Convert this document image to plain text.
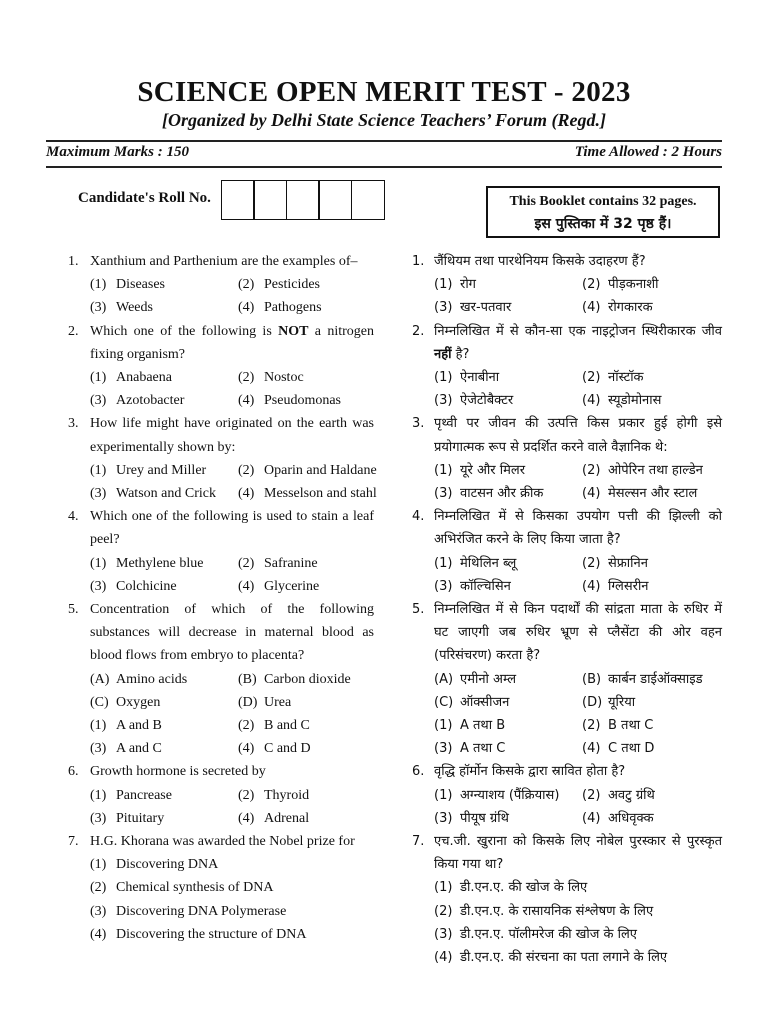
SCIENCE OPEN MERIT TEST - 2023
[Organized by Delhi State Science Teachers’ Forum (Regd.]
Maximum Marks : 150	Time Allowed : 2 Hours
Candidate's Roll No.	This Booklet contains 32 pages.
इस पुस्तिका में 32 पृष्ठ हैं।
1. Xanthium and Parthenium are the examples of–
(1) Diseases	(2) Pesticides
(3) Weeds	(4) Pathogens
2. Which one of the following is NOT a nitrogen fixing organism?
(1) Anabaena	(2) Nostoc
(3) Azotobacter	(4) Pseudomonas
3. How life might have originated on the earth was experimentally shown by:
(1) Urey and Miller	(2) Oparin and Haldane
(3) Watson and Crick	(4) Messelson and stahl
4. Which one of the following is used to stain a leaf peel?
(1) Methylene blue	(2) Safranine
(3) Colchicine	(4) Glycerine
5. Concentration of which of the following substances will decrease in maternal blood as blood flows from embryo to placenta?
(A) Amino acids	(B) Carbon dioxide
(C) Oxygen	(D) Urea
(1) A and B	(2) B and C
(3) A and C	(4) C and D
6. Growth hormone is secreted by
(1) Pancrease	(2) Thyroid
(3) Pituitary	(4) Adrenal
7. H.G. Khorana was awarded the Nobel prize for
(1) Discovering DNA
(2) Chemical synthesis of DNA
(3) Discovering DNA Polymerase
(4) Discovering the structure of DNA
1. जैंथियम तथा पारथेनियम किसके उदाहरण हैं?
(1) रोग	(2) पीड़कनाशी
(3) खर-पतवार	(4) रोगकारक
2. निम्नलिखित में से कौन-सा एक नाइट्रोजन स्थिरीकारक जीव नहीं है?
(1) ऐनाबीना	(2) नॉस्टॉक
(3) ऐजेटोबैक्टर	(4) स्यूडोमोनास
3. पृथ्वी पर जीवन की उत्पत्ति किस प्रकार हुई होगी इसे प्रयोगात्मक रूप से प्रदर्शित करने वाले वैज्ञानिक थे:
(1) यूरे और मिलर	(2) ओपेरिन तथा हाल्डेन
(3) वाटसन और क्रीक	(4) मेसल्सन और स्टाल
4. निम्नलिखित में से किसका उपयोग पत्ती की झिल्ली को अभिरंजित करने के लिए किया जाता है?
(1) मेथिलिन ब्लू	(2) सेफ्रानिन
(3) कॉल्चिसिन	(4) ग्लिसरीन
5. निम्नलिखित में से किन पदार्थों की सांद्रता माता के रुधिर में घट जाएगी जब रुधिर भ्रूण से प्लैसेंटा की ओर वहन (परिसंचरण) करता है?
(A) एमीनो अम्ल	(B) कार्बन डाईऑक्साइड
(C) ऑक्सीजन	(D) यूरिया
(1) A तथा B	(2) B तथा C
(3) A तथा C	(4) C तथा D
6. वृद्धि हॉर्मोन किसके द्वारा स्रावित होता है?
(1) अग्न्याशय (पैंक्रियास)	(2) अवटु ग्रंथि
(3) पीयूष ग्रंथि	(4) अधिवृक्क
7. एच.जी. खुराना को किसके लिए नोबेल पुरस्कार से पुरस्कृत किया गया था?
(1) डी.एन.ए. की खोज के लिए
(2) डी.एन.ए. के रासायनिक संश्लेषण के लिए
(3) डी.एन.ए. पॉलीमरेज की खोज के लिए
(4) डी.एन.ए. की संरचना का पता लगाने के लिए
